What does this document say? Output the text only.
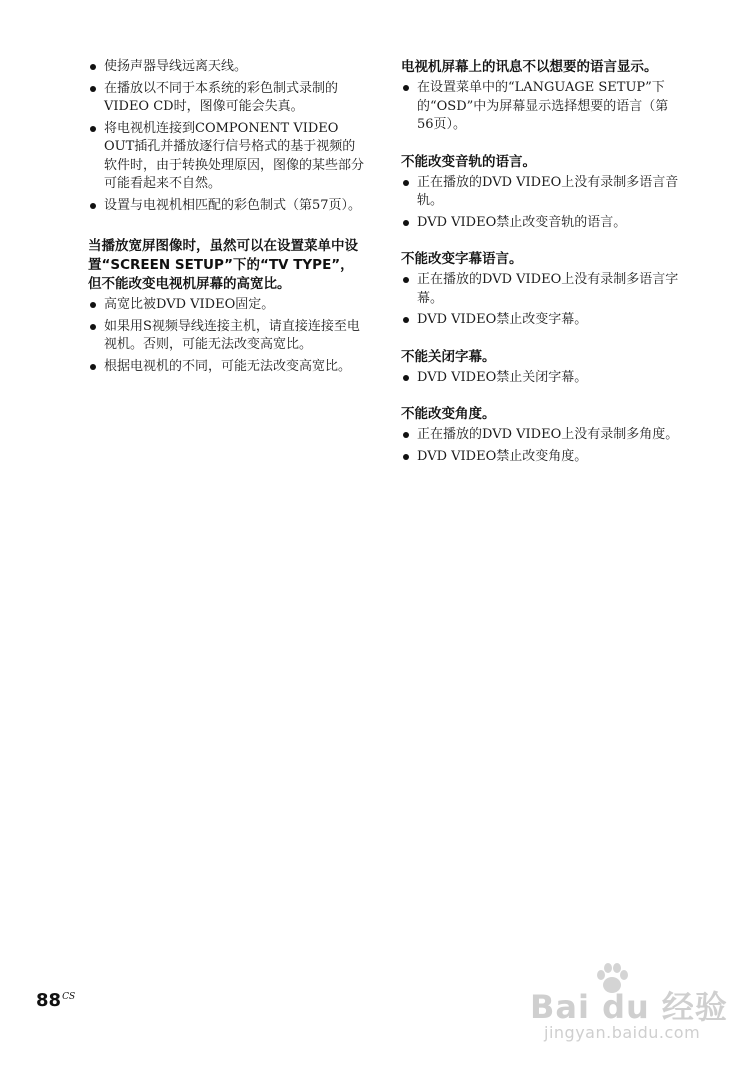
使扬声器导线远离天线。
在播放以不同于本系统的彩色制式录制的VIDEO CD时，图像可能会失真。
将电视机连接到COMPONENT VIDEO OUT插孔并播放逐行信号格式的基于视频的软件时，由于转换处理原因，图像的某些部分可能看起来不自然。
设置与电视机相匹配的彩色制式（第57页）。
当播放宽屏图像时，虽然可以在设置菜单中设置“SCREEN SETUP”下的“TV TYPE”，但不能改变电视机屏幕的高宽比。
高宽比被DVD VIDEO固定。
如果用S视频导线连接主机，请直接连接至电视机。否则，可能无法改变高宽比。
根据电视机的不同，可能无法改变高宽比。
电视机屏幕上的讯息不以想要的语言显示。
在设置菜单中的“LANGUAGE SETUP”下的“OSD”中为屏幕显示选择想要的语言（第56页）。
不能改变音轨的语言。
正在播放的DVD VIDEO上没有录制多语言音轨。
DVD VIDEO禁止改变音轨的语言。
不能改变字幕语言。
正在播放的DVD VIDEO上没有录制多语言字幕。
DVD VIDEO禁止改变字幕。
不能关闭字幕。
DVD VIDEO禁止关闭字幕。
不能改变角度。
正在播放的DVD VIDEO上没有录制多角度。
DVD VIDEO禁止改变角度。
$88^{CS}$	Bai du 经验
jingyan.baidu.com
